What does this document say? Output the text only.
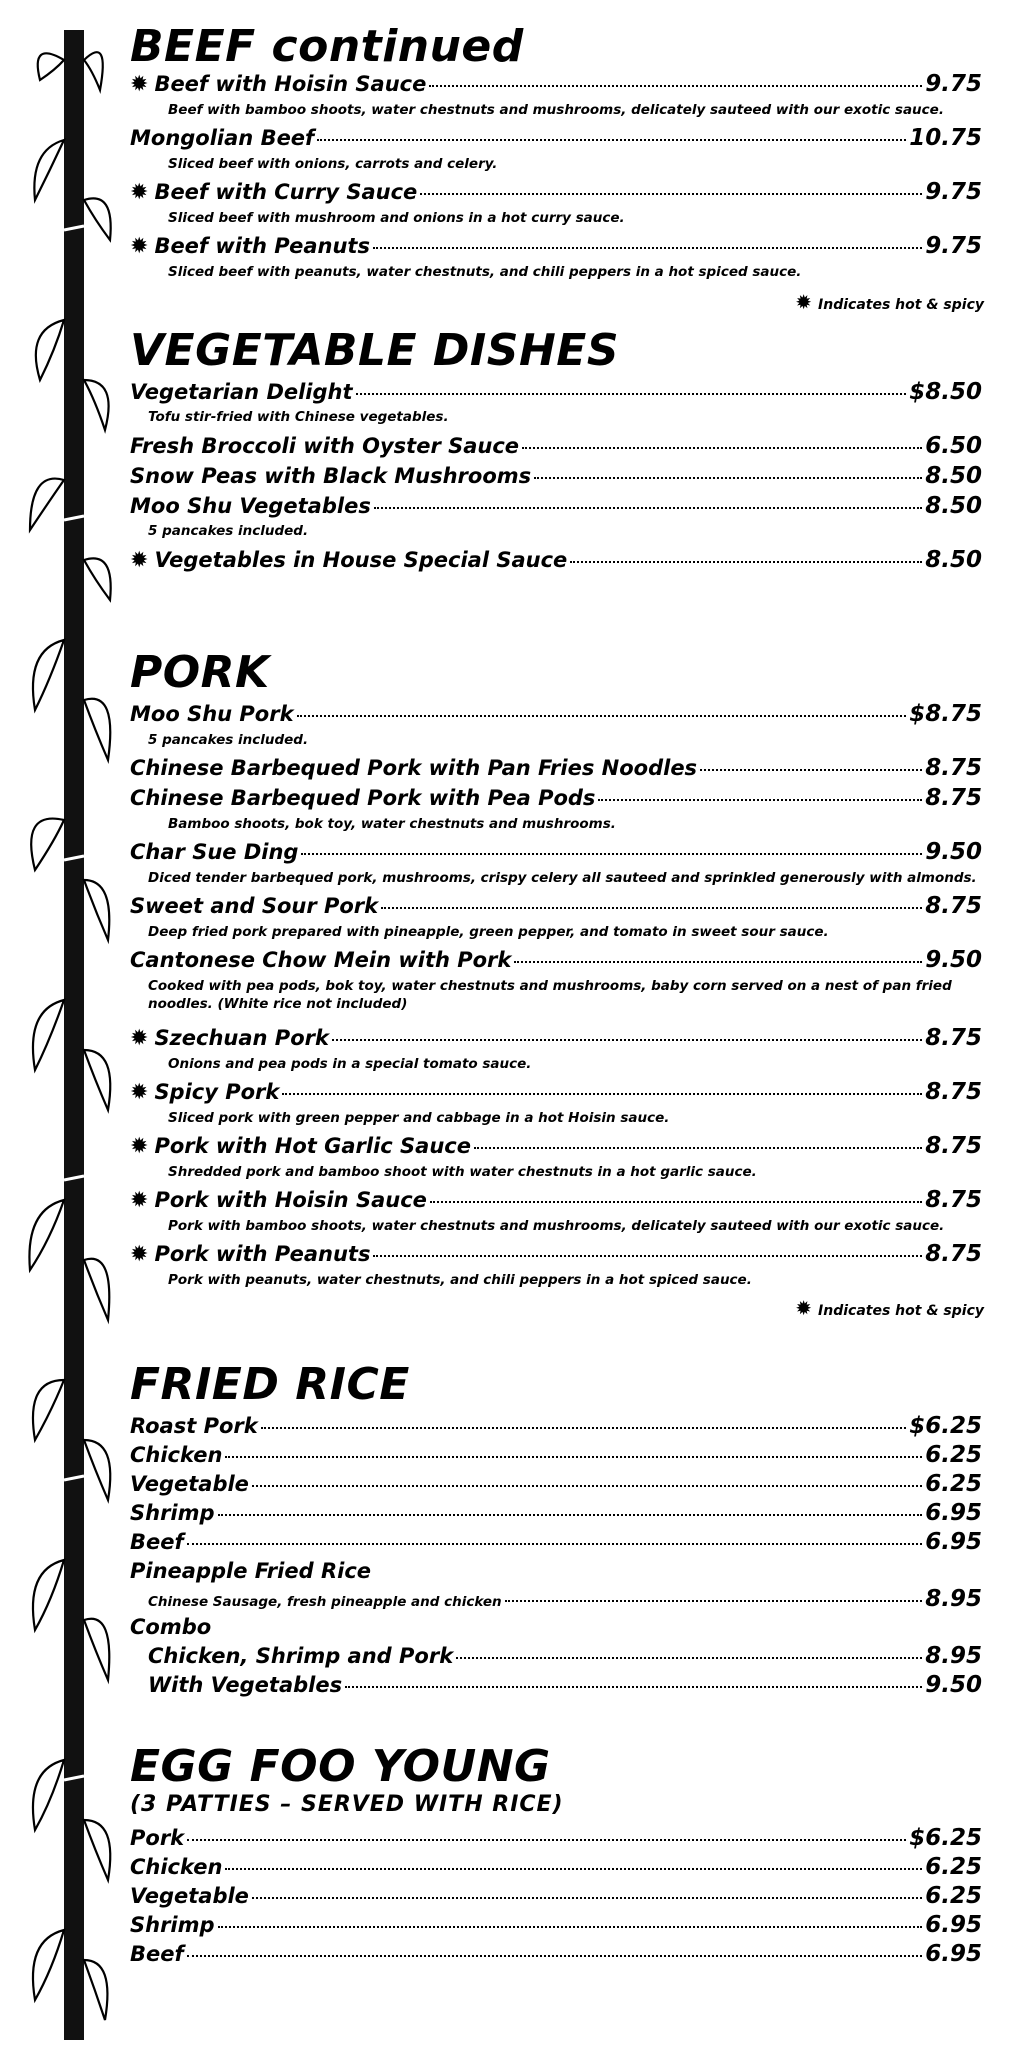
BEEF continued
✹ Beef with Hoisin Sauce	9.75
Beef with bamboo shoots, water chestnuts and mushrooms, delicately sauteed with our exotic sauce.
Mongolian Beef	10.75
Sliced beef with onions, carrots and celery.
✹ Beef with Curry Sauce	9.75
Sliced beef with mushroom and onions in a hot curry sauce.
✹ Beef with Peanuts	9.75
Sliced beef with peanuts, water chestnuts, and chili peppers in a hot spiced sauce.
✹ Indicates hot & spicy
VEGETABLE DISHES
Vegetarian Delight	$8.50
Tofu stir-fried with Chinese vegetables.
Fresh Broccoli with Oyster Sauce	6.50
Snow Peas with Black Mushrooms	8.50
Moo Shu Vegetables	8.50
5 pancakes included.
✹ Vegetables in House Special Sauce	8.50
PORK
Moo Shu Pork	$8.75
5 pancakes included.
Chinese Barbequed Pork with Pan Fries Noodles	8.75
Chinese Barbequed Pork with Pea Pods	8.75
Bamboo shoots, bok toy, water chestnuts and mushrooms.
Char Sue Ding	9.50
Diced tender barbequed pork, mushrooms, crispy celery all sauteed and sprinkled generously with almonds.
Sweet and Sour Pork	8.75
Deep fried pork prepared with pineapple, green pepper, and tomato in sweet sour sauce.
Cantonese Chow Mein with Pork	9.50
Cooked with pea pods, bok toy, water chestnuts and mushrooms, baby corn served on a nest of pan fried noodles. (White rice not included)
✹ Szechuan Pork	8.75
Onions and pea pods in a special tomato sauce.
✹ Spicy Pork	8.75
Sliced pork with green pepper and cabbage in a hot Hoisin sauce.
✹ Pork with Hot Garlic Sauce	8.75
Shredded pork and bamboo shoot with water chestnuts in a hot garlic sauce.
✹ Pork with Hoisin Sauce	8.75
Pork with bamboo shoots, water chestnuts and mushrooms, delicately sauteed with our exotic sauce.
✹ Pork with Peanuts	8.75
Pork with peanuts, water chestnuts, and chili peppers in a hot spiced sauce.
✹ Indicates hot & spicy
FRIED RICE
Roast Pork	$6.25
Chicken	6.25
Vegetable	6.25
Shrimp	6.95
Beef	6.95
Pineapple Fried Rice
Chinese Sausage, fresh pineapple and chicken	8.95
Combo
Chicken, Shrimp and Pork	8.95
With Vegetables	9.50
EGG FOO YOUNG
(3 PATTIES – SERVED WITH RICE)
Pork	$6.25
Chicken	6.25
Vegetable	6.25
Shrimp	6.95
Beef	6.95
